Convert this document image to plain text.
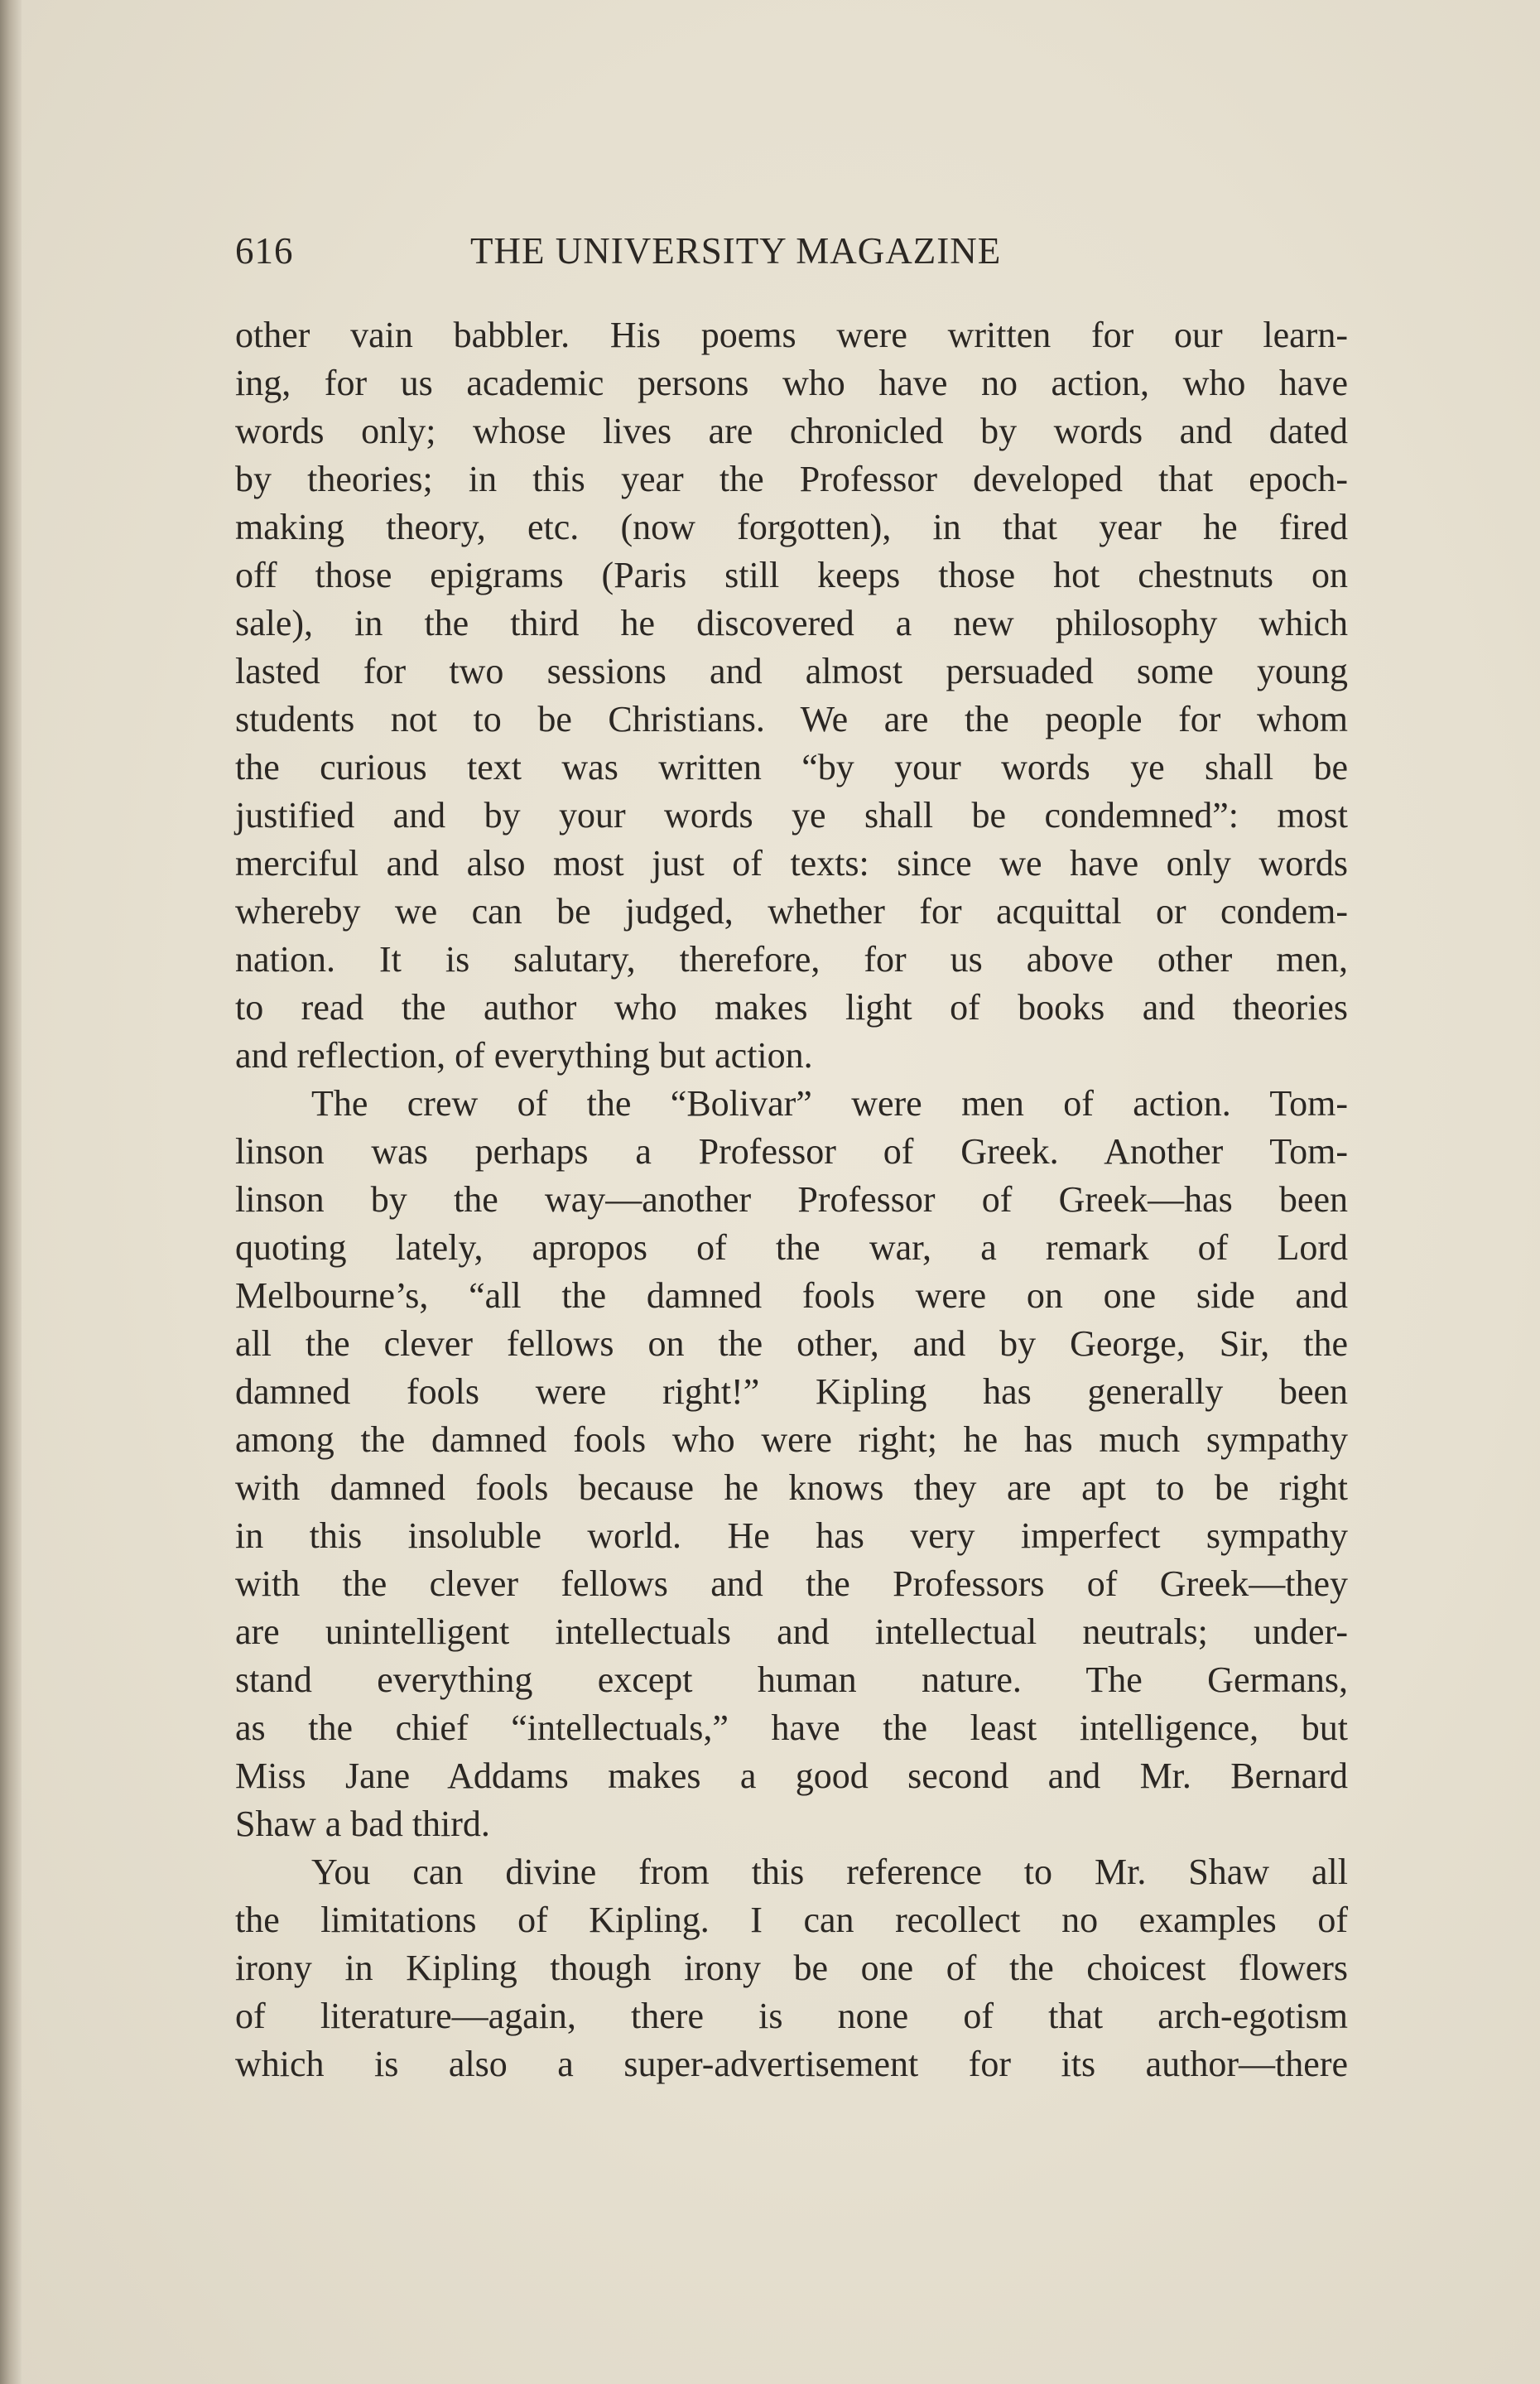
616	THE UNIVERSITY MAGAZINE
other vain babbler. His poems were written for our learn-
ing, for us academic persons who have no action, who have
words only; whose lives are chronicled by words and dated
by theories; in this year the Professor developed that epoch-
making theory, etc. (now forgotten), in that year he fired
off those epigrams (Paris still keeps those hot chestnuts on
sale), in the third he discovered a new philosophy which
lasted for two sessions and almost persuaded some young
students not to be Christians. We are the people for whom
the curious text was written “by your words ye shall be
justified and by your words ye shall be condemned”: most
merciful and also most just of texts: since we have only words
whereby we can be judged, whether for acquittal or condem-
nation. It is salutary, therefore, for us above other men,
to read the author who makes light of books and theories
and reflection, of everything but action.
The crew of the “Bolivar” were men of action. Tom-
linson was perhaps a Professor of Greek. Another Tom-
linson by the way—another Professor of Greek—has been
quoting lately, apropos of the war, a remark of Lord
Melbourne’s, “all the damned fools were on one side and
all the clever fellows on the other, and by George, Sir, the
damned fools were right!” Kipling has generally been
among the damned fools who were right; he has much sympathy
with damned fools because he knows they are apt to be right
in this insoluble world. He has very imperfect sympathy
with the clever fellows and the Professors of Greek—they
are unintelligent intellectuals and intellectual neutrals; under-
stand everything except human nature. The Germans,
as the chief “intellectuals,” have the least intelligence, but
Miss Jane Addams makes a good second and Mr. Bernard
Shaw a bad third.
You can divine from this reference to Mr. Shaw all
the limitations of Kipling. I can recollect no examples of
irony in Kipling though irony be one of the choicest flowers
of literature—again, there is none of that arch-egotism
which is also a super-advertisement for its author—there
